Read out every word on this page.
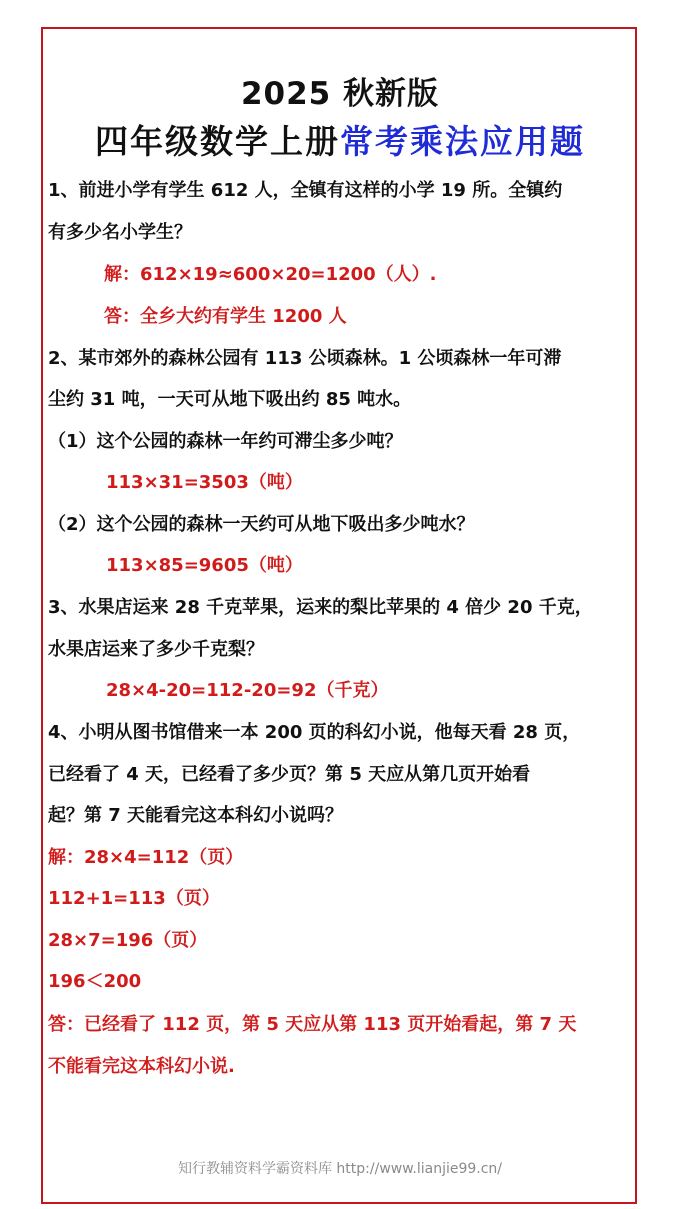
2025 秋新版
四年级数学上册常考乘法应用题
1、前进小学有学生 612 人，全镇有这样的小学 19 所。全镇约
有多少名小学生？
解：612×19≈600×20=1200（人）.
答：全乡大约有学生 1200 人
2、某市郊外的森林公园有 113 公顷森林。1 公顷森林一年可滞
尘约 31 吨，一天可从地下吸出约 85 吨水。
（1）这个公园的森林一年约可滞尘多少吨？
113×31=3503（吨）
（2）这个公园的森林一天约可从地下吸出多少吨水？
113×85=9605（吨）
3、水果店运来 28 千克苹果，运来的梨比苹果的 4 倍少 20 千克，
水果店运来了多少千克梨？
28×4-20=112-20=92（千克）
4、小明从图书馆借来一本 200 页的科幻小说，他每天看 28 页，
已经看了 4 天，已经看了多少页？第 5 天应从第几页开始看
起？第 7 天能看完这本科幻小说吗？
解：28×4=112（页）
112+1=113（页）
28×7=196（页）
196＜200
答：已经看了 112 页，第 5 天应从第 113 页开始看起，第 7 天
不能看完这本科幻小说.
知行教辅资料学霸资料库 http://www.lianjie99.cn/
